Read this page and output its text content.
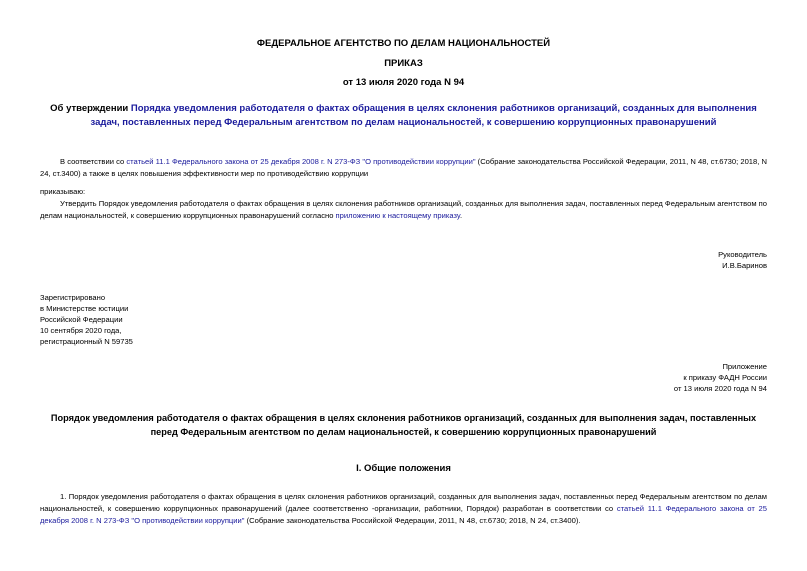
ФЕДЕРАЛЬНОЕ АГЕНТСТВО ПО ДЕЛАМ НАЦИОНАЛЬНОСТЕЙ
ПРИКАЗ
от 13 июля 2020 года N 94
Об утверждении Порядка уведомления работодателя о фактах обращения в целях склонения работников организаций, созданных для выполнения задач, поставленных перед Федеральным агентством по делам национальностей, к совершению коррупционных правонарушений
В соответствии со статьей 11.1 Федерального закона от 25 декабря 2008 г. N 273-ФЗ "О противодействии коррупции" (Собрание законодательства Российской Федерации, 2011, N 48, ст.6730; 2018, N 24, ст.3400) а также в целях повышения эффективности мер по противодействию коррупции
приказываю:
Утвердить Порядок уведомления работодателя о фактах обращения в целях склонения работников организаций, созданных для выполнения задач, поставленных перед Федеральным агентством по делам национальностей, к совершению коррупционных правонарушений согласно приложению к настоящему приказу.
Руководитель
И.В.Баринов
Зарегистрировано
в Министерстве юстиции
Российской Федерации
10 сентября 2020 года,
регистрационный N 59735
Приложение
к приказу ФАДН России
от 13 июля 2020 года N 94
Порядок уведомления работодателя о фактах обращения в целях склонения работников организаций, созданных для выполнения задач, поставленных перед Федеральным агентством по делам национальностей, к совершению коррупционных правонарушений
I. Общие положения
1. Порядок уведомления работодателя о фактах обращения в целях склонения работников организаций, созданных для выполнения задач, поставленных перед Федеральным агентством по делам национальностей, к совершению коррупционных правонарушений (далее соответственно -организации, работники, Порядок) разработан в соответствии со статьей 11.1 Федерального закона от 25 декабря 2008 г. N 273-ФЗ "О противодействии коррупции" (Собрание законодательства Российской Федерации, 2011, N 48, ст.6730; 2018, N 24, ст.3400).
